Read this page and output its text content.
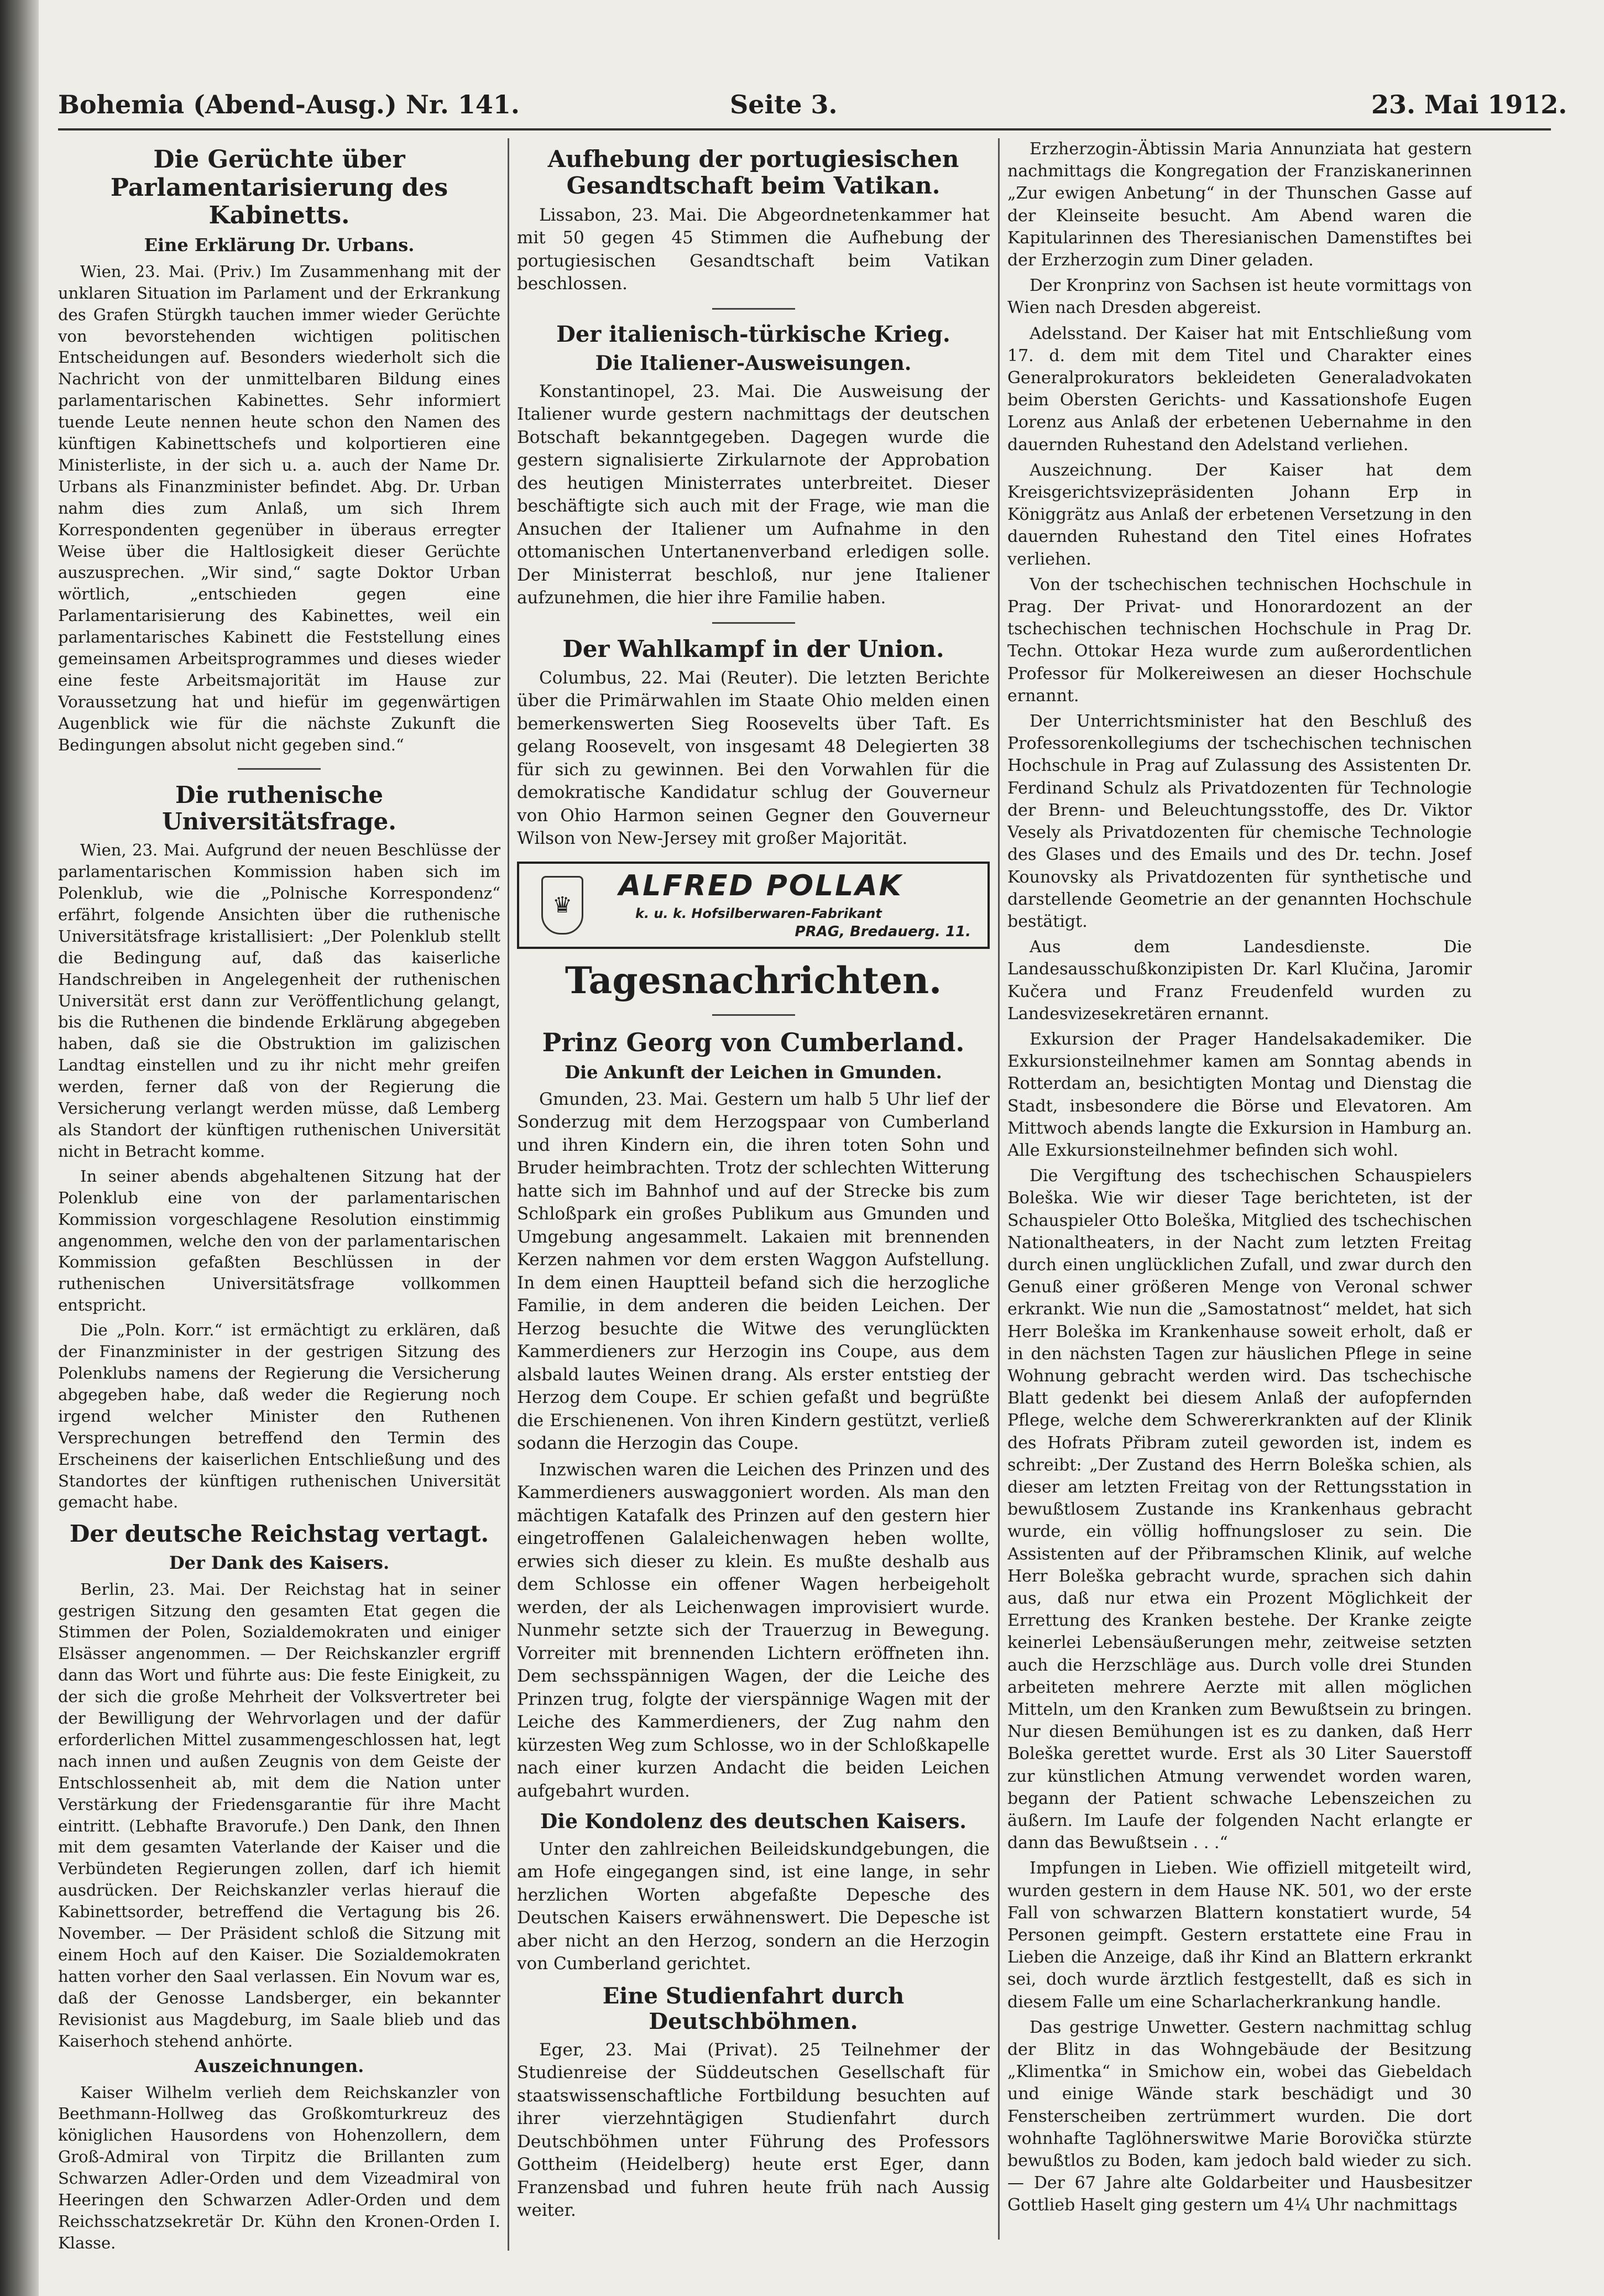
Bohemia (Abend-Ausg.) Nr. 141.	Seite 3.	23. Mai 1912.
Die Gerüchte über Parlamentarisierung des Kabinetts.
Eine Erklärung Dr. Urbans.

Wien, 23. Mai. (Priv.) Im Zusammenhang mit der unklaren Situation im Parlament und der Erkrankung des Grafen Stürgkh tauchen immer wieder Gerüchte von bevorstehenden wichtigen politischen Entscheidungen auf. Besonders wiederholt sich die Nachricht von der unmittelbaren Bildung eines parlamentarischen Kabinettes. Sehr informiert tuende Leute nennen heute schon den Namen des künftigen Kabinettschefs und kolportieren eine Ministerliste, in der sich u. a. auch der Name Dr. Urbans als Finanzminister befindet. Abg. Dr. Urban nahm dies zum Anlaß, um sich Ihrem Korrespondenten gegenüber in überaus erregter Weise über die Haltlosigkeit dieser Gerüchte auszusprechen. „Wir sind,“ sagte Doktor Urban wörtlich, „entschieden gegen eine Parlamentarisierung des Kabinettes, weil ein parlamentarisches Kabinett die Feststellung eines gemeinsamen Arbeitsprogrammes und dieses wieder eine feste Arbeitsmajorität im Hause zur Voraussetzung hat und hiefür im gegenwärtigen Augenblick wie für die nächste Zukunft die Bedingungen absolut nicht gegeben sind.“

Die ruthenische Universitätsfrage.

Wien, 23. Mai. Aufgrund der neuen Beschlüsse der parlamentarischen Kommission haben sich im Polenklub, wie die „Polnische Korrespondenz“ erfährt, folgende Ansichten über die ruthenische Universitätsfrage kristallisiert: „Der Polenklub stellt die Bedingung auf, daß das kaiserliche Handschreiben in Angelegenheit der ruthenischen Universität erst dann zur Veröffentlichung gelangt, bis die Ruthenen die bindende Erklärung abgegeben haben, daß sie die Obstruktion im galizischen Landtag einstellen und zu ihr nicht mehr greifen werden, ferner daß von der Regierung die Versicherung verlangt werden müsse, daß Lemberg als Standort der künftigen ruthenischen Universität nicht in Betracht komme.

In seiner abends abgehaltenen Sitzung hat der Polenklub eine von der parlamentarischen Kommission vorgeschlagene Resolution einstimmig angenommen, welche den von der parlamentarischen Kommission gefaßten Beschlüssen in der ruthenischen Universitätsfrage vollkommen entspricht.

Die „Poln. Korr.“ ist ermächtigt zu erklären, daß der Finanzminister in der gestrigen Sitzung des Polenklubs namens der Regierung die Versicherung abgegeben habe, daß weder die Regierung noch irgend welcher Minister den Ruthenen Versprechungen betreffend den Termin des Erscheinens der kaiserlichen Entschließung und des Standortes der künftigen ruthenischen Universität gemacht habe.

Der deutsche Reichstag vertagt.
Der Dank des Kaisers.

Berlin, 23. Mai. Der Reichstag hat in seiner gestrigen Sitzung den gesamten Etat gegen die Stimmen der Polen, Sozialdemokraten und einiger Elsässer angenommen. — Der Reichskanzler ergriff dann das Wort und führte aus: Die feste Einigkeit, zu der sich die große Mehrheit der Volksvertreter bei der Bewilligung der Wehrvorlagen und der dafür erforderlichen Mittel zusammengeschlossen hat, legt nach innen und außen Zeugnis von dem Geiste der Entschlossenheit ab, mit dem die Nation unter Verstärkung der Friedensgarantie für ihre Macht eintritt. (Lebhafte Bravorufe.) Den Dank, den Ihnen mit dem gesamten Vaterlande der Kaiser und die Verbündeten Regierungen zollen, darf ich hiemit ausdrücken. Der Reichskanzler verlas hierauf die Kabinettsorder, betreffend die Vertagung bis 26. November. — Der Präsident schloß die Sitzung mit einem Hoch auf den Kaiser. Die Sozialdemokraten hatten vorher den Saal verlassen. Ein Novum war es, daß der Genosse Landsberger, ein bekannter Revisionist aus Magdeburg, im Saale blieb und das Kaiserhoch stehend anhörte.

Auszeichnungen.

Kaiser Wilhelm verlieh dem Reichskanzler von Beethmann-Hollweg das Großkomturkreuz des königlichen Hausordens von Hohenzollern, dem Groß-Admiral von Tirpitz die Brillanten zum Schwarzen Adler-Orden und dem Vizeadmiral von Heeringen den Schwarzen Adler-Orden und dem Reichsschatzsekretär Dr. Kühn den Kronen-Orden I. Klasse.

Aufhebung der portugiesischen Gesandtschaft beim Vatikan.

Lissabon, 23. Mai. Die Abgeordnetenkammer hat mit 50 gegen 45 Stimmen die Aufhebung der portugiesischen Gesandtschaft beim Vatikan beschlossen.

Der italienisch-türkische Krieg.
Die Italiener-Ausweisungen.

Konstantinopel, 23. Mai. Die Ausweisung der Italiener wurde gestern nachmittags der deutschen Botschaft bekanntgegeben. Dagegen wurde die gestern signalisierte Zirkularnote der Approbation des heutigen Ministerrates unterbreitet. Dieser beschäftigte sich auch mit der Frage, wie man die Ansuchen der Italiener um Aufnahme in den ottomanischen Untertanenverband erledigen solle. Der Ministerrat beschloß, nur jene Italiener aufzunehmen, die hier ihre Familie haben.

Der Wahlkampf in der Union.

Columbus, 22. Mai (Reuter). Die letzten Berichte über die Primärwahlen im Staate Ohio melden einen bemerkenswerten Sieg Roosevelts über Taft. Es gelang Roosevelt, von insgesamt 48 Delegierten 38 für sich zu gewinnen. Bei den Vorwahlen für die demokratische Kandidatur schlug der Gouverneur von Ohio Harmon seinen Gegner den Gouverneur Wilson von New-Jersey mit großer Majorität.

♛
ALFRED POLLAK
k. u. k. Hofsilberwaren-Fabrikant
PRAG, Bredauerg. 11.
Tagesnachrichten.
Prinz Georg von Cumberland.
Die Ankunft der Leichen in Gmunden.

Gmunden, 23. Mai. Gestern um halb 5 Uhr lief der Sonderzug mit dem Herzogspaar von Cumberland und ihren Kindern ein, die ihren toten Sohn und Bruder heimbrachten. Trotz der schlechten Witterung hatte sich im Bahnhof und auf der Strecke bis zum Schloßpark ein großes Publikum aus Gmunden und Umgebung angesammelt. Lakaien mit brennenden Kerzen nahmen vor dem ersten Waggon Aufstellung. In dem einen Hauptteil befand sich die herzogliche Familie, in dem anderen die beiden Leichen. Der Herzog besuchte die Witwe des verunglückten Kammerdieners zur Herzogin ins Coupe, aus dem alsbald lautes Weinen drang. Als erster entstieg der Herzog dem Coupe. Er schien gefaßt und begrüßte die Erschienenen. Von ihren Kindern gestützt, verließ sodann die Herzogin das Coupe.

Inzwischen waren die Leichen des Prinzen und des Kammerdieners auswaggoniert worden. Als man den mächtigen Katafalk des Prinzen auf den gestern hier eingetroffenen Galaleichenwagen heben wollte, erwies sich dieser zu klein. Es mußte deshalb aus dem Schlosse ein offener Wagen herbeigeholt werden, der als Leichenwagen improvisiert wurde. Nunmehr setzte sich der Trauerzug in Bewegung. Vorreiter mit brennenden Lichtern eröffneten ihn. Dem sechsspännigen Wagen, der die Leiche des Prinzen trug, folgte der vierspännige Wagen mit der Leiche des Kammerdieners, der Zug nahm den kürzesten Weg zum Schlosse, wo in der Schloßkapelle nach einer kurzen Andacht die beiden Leichen aufgebahrt wurden.

Die Kondolenz des deutschen Kaisers.

Unter den zahlreichen Beileidskundgebungen, die am Hofe eingegangen sind, ist eine lange, in sehr herzlichen Worten abgefaßte Depesche des Deutschen Kaisers erwähnenswert. Die Depesche ist aber nicht an den Herzog, sondern an die Herzogin von Cumberland gerichtet.

Eine Studienfahrt durch Deutschböhmen.

Eger, 23. Mai (Privat). 25 Teilnehmer der Studienreise der Süddeutschen Gesellschaft für staatswissenschaftliche Fortbildung besuchten auf ihrer vierzehntägigen Studienfahrt durch Deutschböhmen unter Führung des Professors Gottheim (Heidelberg) heute erst Eger, dann Franzensbad und fuhren heute früh nach Aussig weiter.

Erzherzogin-Äbtissin Maria Annunziata hat gestern nachmittags die Kongregation der Franziskanerinnen „Zur ewigen Anbetung“ in der Thunschen Gasse auf der Kleinseite besucht. Am Abend waren die Kapitularinnen des Theresianischen Damenstiftes bei der Erzherzogin zum Diner geladen.

Der Kronprinz von Sachsen ist heute vormittags von Wien nach Dresden abgereist.

Adelsstand. Der Kaiser hat mit Entschließung vom 17. d. dem mit dem Titel und Charakter eines Generalprokurators bekleideten Generaladvokaten beim Obersten Gerichts- und Kassationshofe Eugen Lorenz aus Anlaß der erbetenen Uebernahme in den dauernden Ruhestand den Adelstand verliehen.

Auszeichnung. Der Kaiser hat dem Kreisgerichtsvizepräsidenten Johann Erp in Königgrätz aus Anlaß der erbetenen Versetzung in den dauernden Ruhestand den Titel eines Hofrates verliehen.

Von der tschechischen technischen Hochschule in Prag. Der Privat- und Honorardozent an der tschechischen technischen Hochschule in Prag Dr. Techn. Ottokar Heza wurde zum außerordentlichen Professor für Molkereiwesen an dieser Hochschule ernannt.

Der Unterrichtsminister hat den Beschluß des Professorenkollegiums der tschechischen technischen Hochschule in Prag auf Zulassung des Assistenten Dr. Ferdinand Schulz als Privatdozenten für Technologie der Brenn- und Beleuchtungsstoffe, des Dr. Viktor Vesely als Privatdozenten für chemische Technologie des Glases und des Emails und des Dr. techn. Josef Kounovsky als Privatdozenten für synthetische und darstellende Geometrie an der genannten Hochschule bestätigt.

Aus dem Landesdienste. Die Landesausschußkonzipisten Dr. Karl Klučina, Jaromir Kučera und Franz Freudenfeld wurden zu Landesvizesekretären ernannt.

Exkursion der Prager Handelsakademiker. Die Exkursionsteilnehmer kamen am Sonntag abends in Rotterdam an, besichtigten Montag und Dienstag die Stadt, insbesondere die Börse und Elevatoren. Am Mittwoch abends langte die Exkursion in Hamburg an. Alle Exkursionsteilnehmer befinden sich wohl.

Die Vergiftung des tschechischen Schauspielers Boleška. Wie wir dieser Tage berichteten, ist der Schauspieler Otto Boleška, Mitglied des tschechischen Nationaltheaters, in der Nacht zum letzten Freitag durch einen unglücklichen Zufall, und zwar durch den Genuß einer größeren Menge von Veronal schwer erkrankt. Wie nun die „Samostatnost“ meldet, hat sich Herr Boleška im Krankenhause soweit erholt, daß er in den nächsten Tagen zur häuslichen Pflege in seine Wohnung gebracht werden wird. Das tschechische Blatt gedenkt bei diesem Anlaß der aufopfernden Pflege, welche dem Schwererkrankten auf der Klinik des Hofrats Přibram zuteil geworden ist, indem es schreibt: „Der Zustand des Herrn Boleška schien, als dieser am letzten Freitag von der Rettungsstation in bewußtlosem Zustande ins Krankenhaus gebracht wurde, ein völlig hoffnungsloser zu sein. Die Assistenten auf der Přibramschen Klinik, auf welche Herr Boleška gebracht wurde, sprachen sich dahin aus, daß nur etwa ein Prozent Möglichkeit der Errettung des Kranken bestehe. Der Kranke zeigte keinerlei Lebensäußerungen mehr, zeitweise setzten auch die Herzschläge aus. Durch volle drei Stunden arbeiteten mehrere Aerzte mit allen möglichen Mitteln, um den Kranken zum Bewußtsein zu bringen. Nur diesen Bemühungen ist es zu danken, daß Herr Boleška gerettet wurde. Erst als 30 Liter Sauerstoff zur künstlichen Atmung verwendet worden waren, begann der Patient schwache Lebenszeichen zu äußern. Im Laufe der folgenden Nacht erlangte er dann das Bewußtsein . . .“

Impfungen in Lieben. Wie offiziell mitgeteilt wird, wurden gestern in dem Hause NK. 501, wo der erste Fall von schwarzen Blattern konstatiert wurde, 54 Personen geimpft. Gestern erstattete eine Frau in Lieben die Anzeige, daß ihr Kind an Blattern erkrankt sei, doch wurde ärztlich festgestellt, daß es sich in diesem Falle um eine Scharlacherkrankung handle.

Das gestrige Unwetter. Gestern nachmittag schlug der Blitz in das Wohngebäude der Besitzung „Klimentka“ in Smichow ein, wobei das Giebeldach und einige Wände stark beschädigt und 30 Fensterscheiben zertrümmert wurden. Die dort wohnhafte Taglöhnerswitwe Marie Borovička stürzte bewußtlos zu Boden, kam jedoch bald wieder zu sich. — Der 67 Jahre alte Goldarbeiter und Hausbesitzer Gottlieb Haselt ging gestern um 4¼ Uhr nachmittags
